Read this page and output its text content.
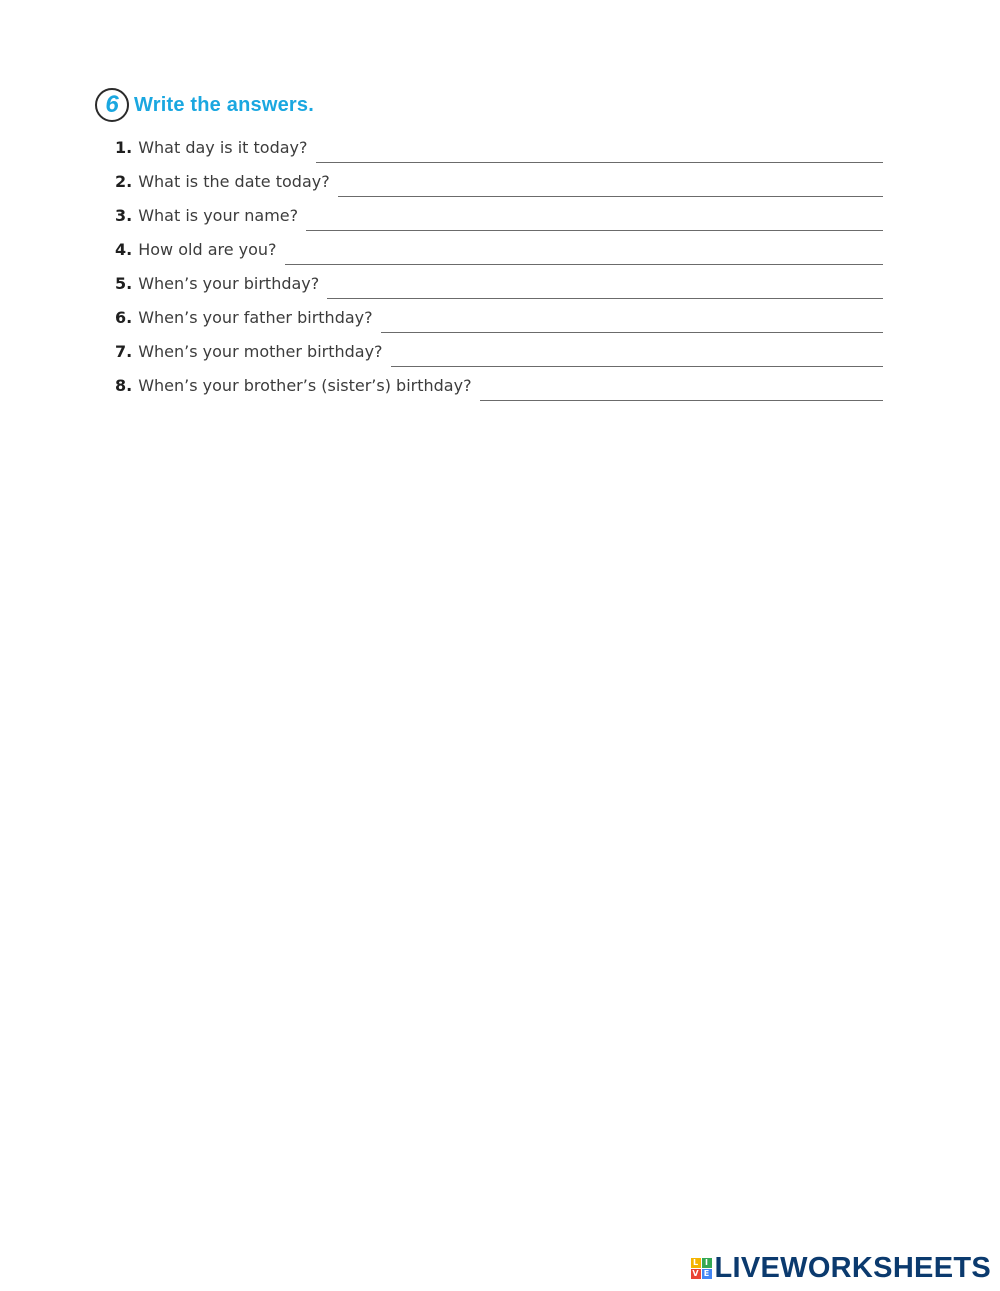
6 Write the answers.
1. What day is it today?
2. What is the date today?
3. What is your name?
4. How old are you?
5. When’s your birthday?
6. When’s your father birthday?
7. When’s your mother birthday?
8. When’s your brother’s (sister’s) birthday?
L I
V E LIVEWORKSHEETS
